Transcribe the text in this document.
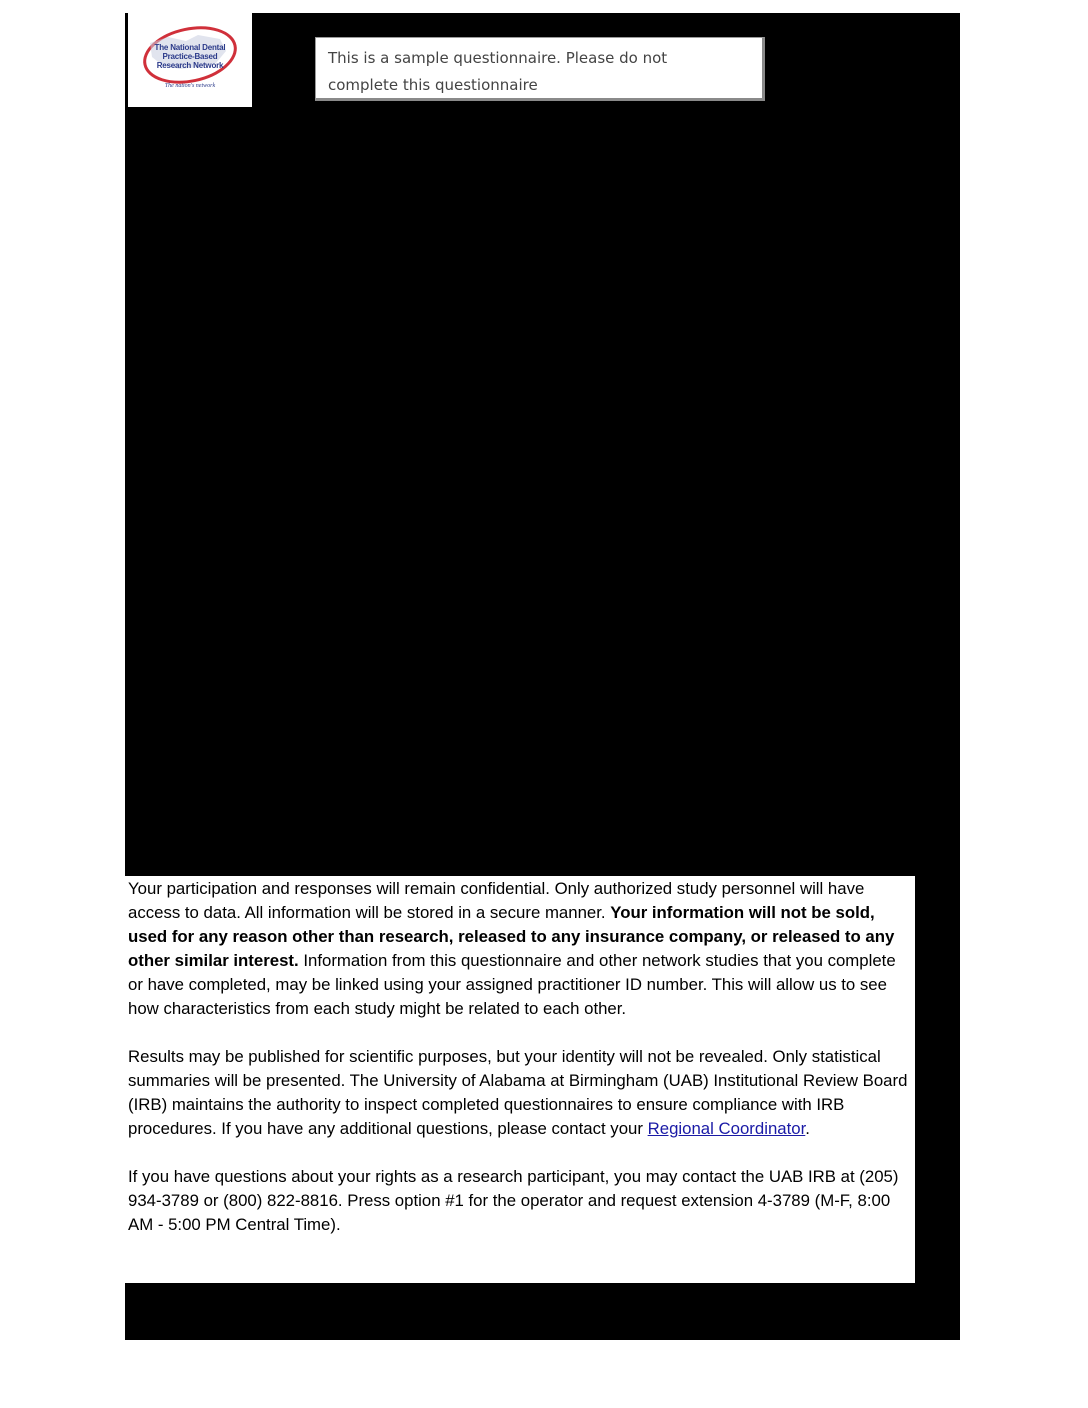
The National Dental
Practice-Based
Research Network
The nation's network
This is a sample questionnaire. Please do not
complete this questionnaire

Your participation and responses will remain confidential. Only authorized study personnel will have access to data. All information will be stored in a secure manner. Your information will not be sold, used for any reason other than research, released to any insurance company, or released to any other similar interest. Information from this questionnaire and other network studies that you complete or have completed, may be linked using your assigned practitioner ID number. This will allow us to see how characteristics from each study might be related to each other.

Results may be published for scientific purposes, but your identity will not be revealed. Only statistical summaries will be presented. The University of Alabama at Birmingham (UAB) Institutional Review Board (IRB) maintains the authority to inspect completed questionnaires to ensure compliance with IRB procedures. If you have any additional questions, please contact your Regional Coordinator.

If you have questions about your rights as a research participant, you may contact the UAB IRB at (205) 934-3789 or (800) 822-8816. Press option #1 for the operator and request extension 4-3789 (M-F, 8:00 AM - 5:00 PM Central Time).
